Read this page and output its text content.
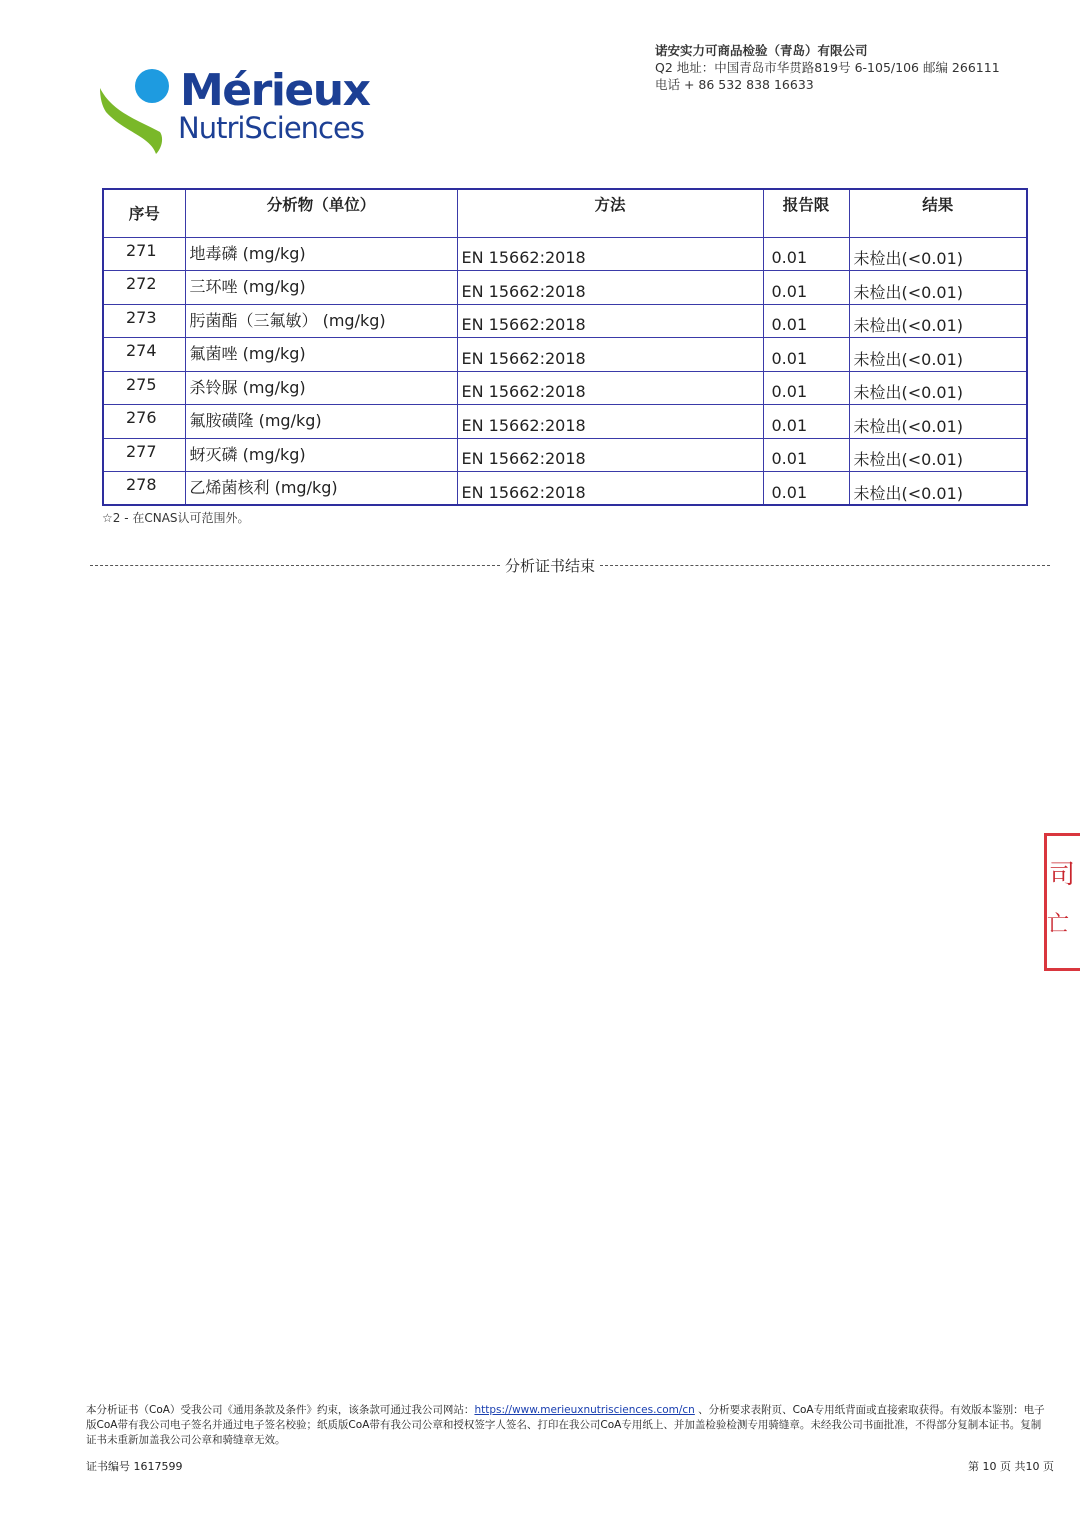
Mérieux
NutriSciences
诺安实力可商品检验（青岛）有限公司
Q2 地址：中国青岛市华贯路819号 6-105/106 邮编 266111
电话 + 86 532 838 16633
序号	分析物（单位）	方法	报告限	结果
271	地毒磷 (mg/kg)	EN 15662:2018	0.01	未检出(<0.01)
272	三环唑 (mg/kg)	EN 15662:2018	0.01	未检出(<0.01)
273	肟菌酯（三氟敏） (mg/kg)	EN 15662:2018	0.01	未检出(<0.01)
274	氟菌唑 (mg/kg)	EN 15662:2018	0.01	未检出(<0.01)
275	杀铃脲 (mg/kg)	EN 15662:2018	0.01	未检出(<0.01)
276	氟胺磺隆 (mg/kg)	EN 15662:2018	0.01	未检出(<0.01)
277	蚜灭磷 (mg/kg)	EN 15662:2018	0.01	未检出(<0.01)
278	乙烯菌核利 (mg/kg)	EN 15662:2018	0.01	未检出(<0.01)
☆2 - 在CNAS认可范围外。
分析证书结束
司
亡
本分析证书（CoA）受我公司《通用条款及条件》约束，该条款可通过我公司网站：https://www.merieuxnutrisciences.com/cn 、分析要求表附页、CoA专用纸背面或直接索取获得。有效版本鉴别：电子版CoA带有我公司电子签名并通过电子签名校验；纸质版CoA带有我公司公章和授权签字人签名、打印在我公司CoA专用纸上、并加盖检验检测专用骑缝章。未经我公司书面批准，不得部分复制本证书。复制证书未重新加盖我公司公章和骑缝章无效。
证书编号 1617599	第 10 页 共10 页
